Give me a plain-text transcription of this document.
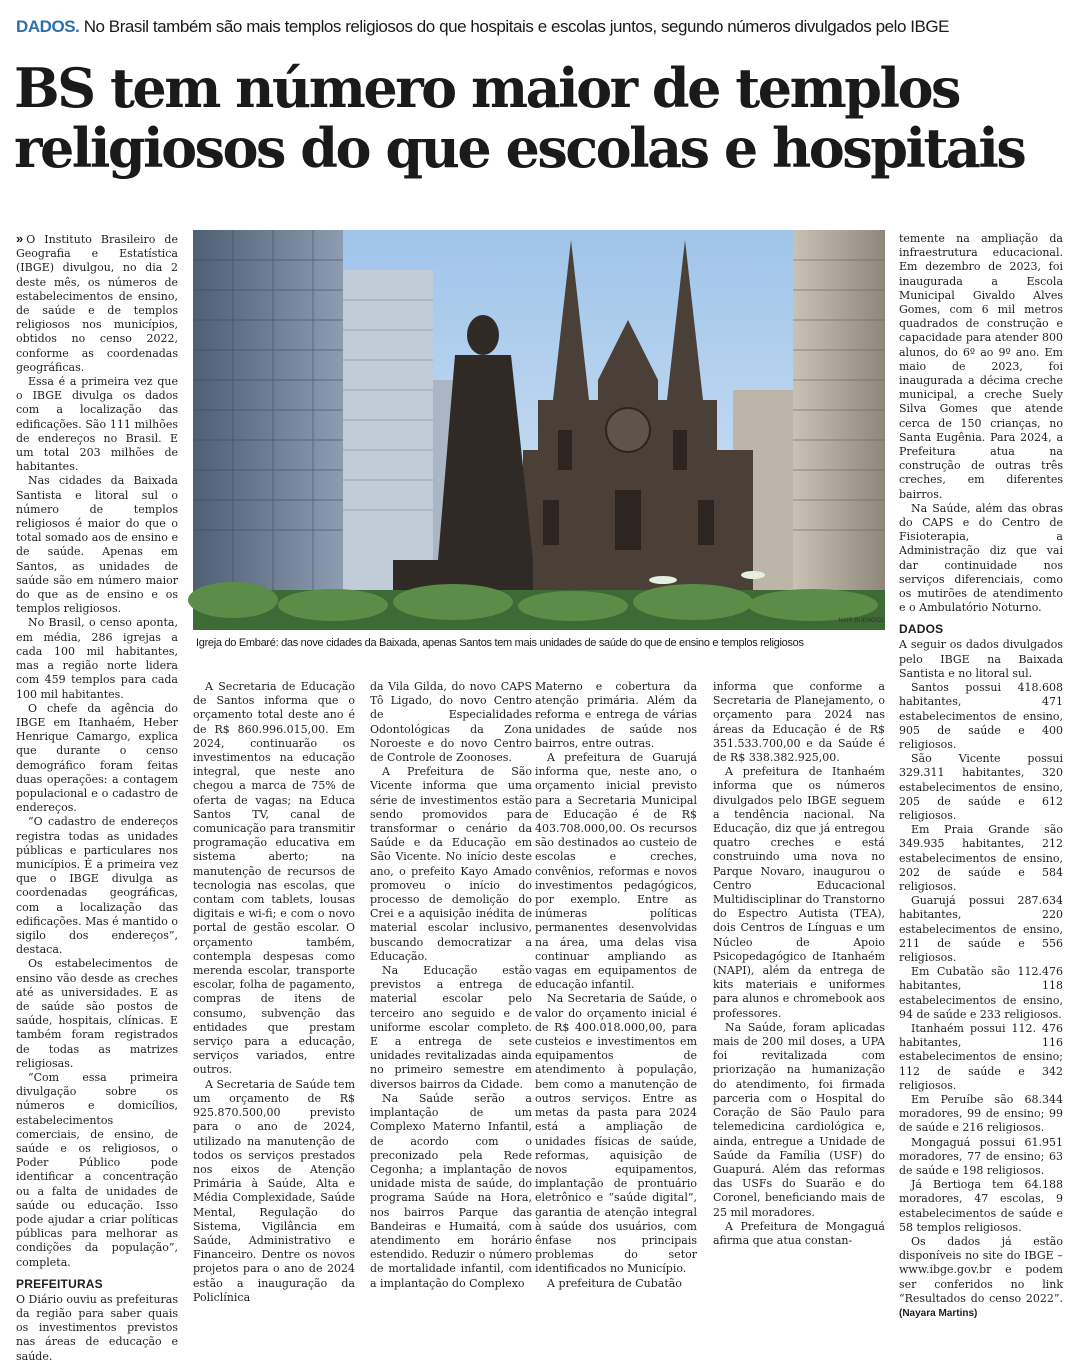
DADOS. No Brasil também são mais templos religiosos do que hospitais e escolas juntos, segundo números divulgados pelo IBGE
BS tem número maior de templos
religiosos do que escolas e hospitais

» O Instituto Brasileiro de Geografia e Estatística (IBGE) divulgou, no dia 2 deste mês, os números de estabelecimentos de ensino, de saúde e de templos religiosos nos municípios, obtidos no censo 2022, conforme as coordenadas geográficas.

Essa é a primeira vez que o IBGE divulga os dados com a localização das edificações. São 111 milhões de endereços no Brasil. E um total 203 milhões de habitantes.

Nas cidades da Baixada Santista e litoral sul o número de templos religiosos é maior do que o total somado aos de ensino e de saúde. Apenas em Santos, as unidades de saúde são em número maior do que as de ensino e os templos religiosos.

No Brasil, o censo aponta, em média, 286 igrejas a cada 100 mil habitantes, mas a região norte lidera com 459 templos para cada 100 mil habitantes.

O chefe da agência do IBGE em Itanhaém, Heber Henrique Camargo, explica que durante o censo demográfico foram feitas duas operações: a contagem populacional e o cadastro de endereços.

“O cadastro de endereços registra todas as unidades públicas e particulares nos municípios. É a primeira vez que o IBGE divulga as coordenadas geográficas, com a localização das edificações. Mas é mantido o sigilo dos endereços”, destaca.

Os estabelecimentos de ensino vão desde as creches até as universidades. E as de saúde são postos de saúde, hospitais, clínicas. E também foram registrados de todas as matrizes religiosas.

“Com essa primeira divulgação sobre os números e domicílios, estabelecimentos comerciais, de ensino, de saúde e os religiosos, o Poder Público pode identificar a concentração ou a falta de unidades de saúde ou educação. Isso pode ajudar a criar políticas públicas para melhorar as condições da população”, completa.

PREFEITURAS

O Diário ouviu as prefeituras da região para saber quais os investimentos previstos nas áreas de educação e saúde.

NAIR BUENO/DL
Igreja do Embaré: das nove cidades da Baixada, apenas Santos tem mais unidades de saúde do que de ensino e templos religiosos

A Secretaria de Educação de Santos informa que o orçamento total deste ano é de R$ 860.996.015,00. Em 2024, continuarão os investimentos na educação integral, que neste ano chegou a marca de 75% de oferta de vagas; na Educa Santos TV, canal de comunicação para transmitir programação educativa em sistema aberto; na manutenção de recursos de tecnologia nas escolas, que contam com tablets, lousas digitais e wi-fi; e com o novo portal de gestão escolar. O orçamento também, contempla despesas como merenda escolar, transporte escolar, folha de pagamento, compras de itens de consumo, subvenção das entidades que prestam serviço para a educação, serviços variados, entre outros.

A Secretaria de Saúde tem um orçamento de R$ 925.870.500,00 previsto para o ano de 2024, utilizado na manutenção de todos os serviços prestados nos eixos de Atenção Primária à Saúde, Alta e Média Complexidade, Saúde Mental, Regulação do Sistema, Vigilância em Saúde, Administrativo e Financeiro. Dentre os novos projetos para o ano de 2024 estão a inauguração da Policlínica

da Vila Gilda, do novo CAPS Tô Ligado, do novo Centro de Especialidades Odontológicas da Zona Noroeste e do novo Centro de Controle de Zoonoses.

A Prefeitura de São Vicente informa que uma série de investimentos estão sendo promovidos para transformar o cenário da Saúde e da Educação em São Vicente. No início deste ano, o prefeito Kayo Amado promoveu o início do processo de demolição do Crei e a aquisição inédita de material escolar inclusivo, buscando democratizar a Educação.

Na Educação estão previstos a entrega de material escolar pelo terceiro ano seguido e de uniforme escolar completo. E a entrega de sete unidades revitalizadas ainda no primeiro semestre em diversos bairros da Cidade.

Na Saúde serão a implantação de um Complexo Materno Infantil, de acordo com o preconizado pela Rede Cegonha; a implantação de unidade mista de saúde, do programa Saúde na Hora, nos bairros Parque das Bandeiras e Humaitá, com atendimento em horário estendido. Reduzir o número de mortalidade infantil, com a implantação do Complexo

Materno e cobertura da atenção primária. Além da reforma e entrega de várias unidades de saúde nos bairros, entre outras.

A prefeitura de Guarujá informa que, neste ano, o orçamento inicial previsto para a Secretaria Municipal de Educação é de R$ 403.708.000,00. Os recursos são destinados ao custeio de escolas e creches, convênios, reformas e novos investimentos pedagógicos, por exemplo. Entre as inúmeras políticas permanentes desenvolvidas na área, uma delas visa continuar ampliando as vagas em equipamentos de educação infantil.

Na Secretaria de Saúde, o valor do orçamento inicial é de R$ 400.018.000,00, para custeios e investimentos em equipamentos de atendimento à população, bem como a manutenção de outros serviços. Entre as metas da pasta para 2024 está a ampliação de unidades físicas de saúde, reformas, aquisição de novos equipamentos, implantação de prontuário eletrônico e “saúde digital”, garantia de atenção integral à saúde dos usuários, com ênfase nos principais problemas do setor identificados no Município.

A prefeitura de Cubatão

informa que conforme a Secretaria de Planejamento, o orçamento para 2024 nas áreas da Educação é de R$ 351.533.700,00 e da Saúde é de R$ 338.382.925,00.

A prefeitura de Itanhaém informa que os números divulgados pelo IBGE seguem a tendência nacional. Na Educação, diz que já entregou quatro creches e está construindo uma nova no Parque Novaro, inaugurou o Centro Educacional Multidisciplinar do Transtorno do Espectro Autista (TEA), dois Centros de Línguas e um Núcleo de Apoio Psicopedagógico de Itanhaém (NAPI), além da entrega de kits materiais e uniformes para alunos e chromebook aos professores.

Na Saúde, foram aplicadas mais de 200 mil doses, a UPA foi revitalizada com priorização na humanização do atendimento, foi firmada parceria com o Hospital do Coração de São Paulo para telemedicina cardiológica e, ainda, entregue a Unidade de Saúde da Família (USF) do Guapurá. Além das reformas das USFs do Suarão e do Coronel, beneficiando mais de 25 mil moradores.

A Prefeitura de Mongaguá afirma que atua constan-

temente na ampliação da infraestrutura educacional. Em dezembro de 2023, foi inaugurada a Escola Municipal Givaldo Alves Gomes, com 6 mil metros quadrados de construção e capacidade para atender 800 alunos, do 6º ao 9º ano. Em maio de 2023, foi inaugurada a décima creche municipal, a creche Suely Silva Gomes que atende cerca de 150 crianças, no Santa Eugênia. Para 2024, a Prefeitura atua na construção de outras três creches, em diferentes bairros.

Na Saúde, além das obras do CAPS e do Centro de Fisioterapia, a Administração diz que vai dar continuidade nos serviços diferenciais, como os mutirões de atendimento e o Ambulatório Noturno.

DADOS

A seguir os dados divulgados pelo IBGE na Baixada Santista e no litoral sul.

Santos possui 418.608 habitantes, 471 estabelecimentos de ensino, 905 de saúde e 400 religiosos.

São Vicente possui 329.311 habitantes, 320 estabelecimentos de ensino, 205 de saúde e 612 religiosos.

Em Praia Grande são 349.935 habitantes, 212 estabelecimentos de ensino, 202 de saúde e 584 religiosos.

Guarujá possui 287.634 habitantes, 220 estabelecimentos de ensino, 211 de saúde e 556 religiosos.

Em Cubatão são 112.476 habitantes, 118 estabelecimentos de ensino, 94 de saúde e 233 religiosos.

Itanhaém possui 112. 476 habitantes, 116 estabelecimentos de ensino; 112 de saúde e 342 religiosos.

Em Peruíbe são 68.344 moradores, 99 de ensino; 99 de saúde e 216 religiosos.

Mongaguá possui 61.951 moradores, 77 de ensino; 63 de saúde e 198 religiosos.

Já Bertioga tem 64.188 moradores, 47 escolas, 9 estabelecimentos de saúde e 58 templos religiosos.

Os dados já estão disponíveis no site do IBGE – www.ibge.gov.br e podem ser conferidos no link “Resultados do censo 2022”. (Nayara Martins)
